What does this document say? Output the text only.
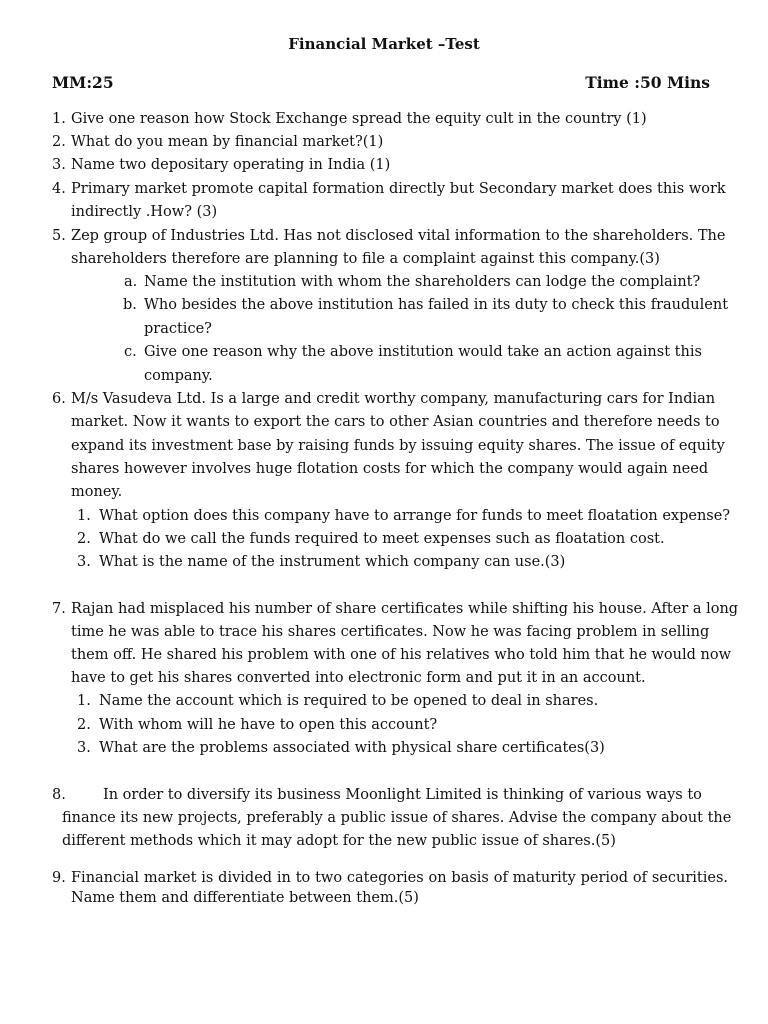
Financial Market –Test
MM:25	Time :50 Mins
1. Give one reason how Stock Exchange spread the equity cult in the country (1)
2. What do you mean by financial market?(1)
3. Name two depositary operating in India (1)
4. Primary market promote capital formation directly but Secondary market does this work
indirectly .How? (3)
5. Zep group of Industries Ltd. Has not disclosed vital information to the shareholders. The
shareholders therefore are planning to file a complaint against this company.(3)
a. Name the institution with whom the shareholders can lodge the complaint?
b. Who besides the above institution has failed in its duty to check this fraudulent
practice?
c. Give one reason why the above institution would take an action against this
company.
6. M/s Vasudeva Ltd. Is a large and credit worthy company, manufacturing cars for Indian
market. Now it wants to export the cars to other Asian countries and therefore needs to
expand its investment base by raising funds by issuing equity shares. The issue of equity
shares however involves huge flotation costs for which the company would again need
money.
1. What option does this company have to arrange for funds to meet floatation expense?
2. What do we call the funds required to meet expenses such as floatation cost.
3. What is the name of the instrument which company can use.(3)
7. Rajan had misplaced his number of share certificates while shifting his house. After a long
time he was able to trace his shares certificates. Now he was facing problem in selling
them off. He shared his problem with one of his relatives who told him that he would now
have to get his shares converted into electronic form and put it in an account.
1. Name the account which is required to be opened to deal in shares.
2. With whom will he have to open this account?
3. What are the problems associated with physical share certificates(3)
8.	In order to diversify its business Moonlight Limited is thinking of various ways to
finance its new projects, preferably a public issue of shares. Advise the company about the
different methods which it may adopt for the new public issue of shares.(5)
9. Financial market is divided in to two categories on basis of maturity period of securities.
Name them and differentiate between them.(5)
